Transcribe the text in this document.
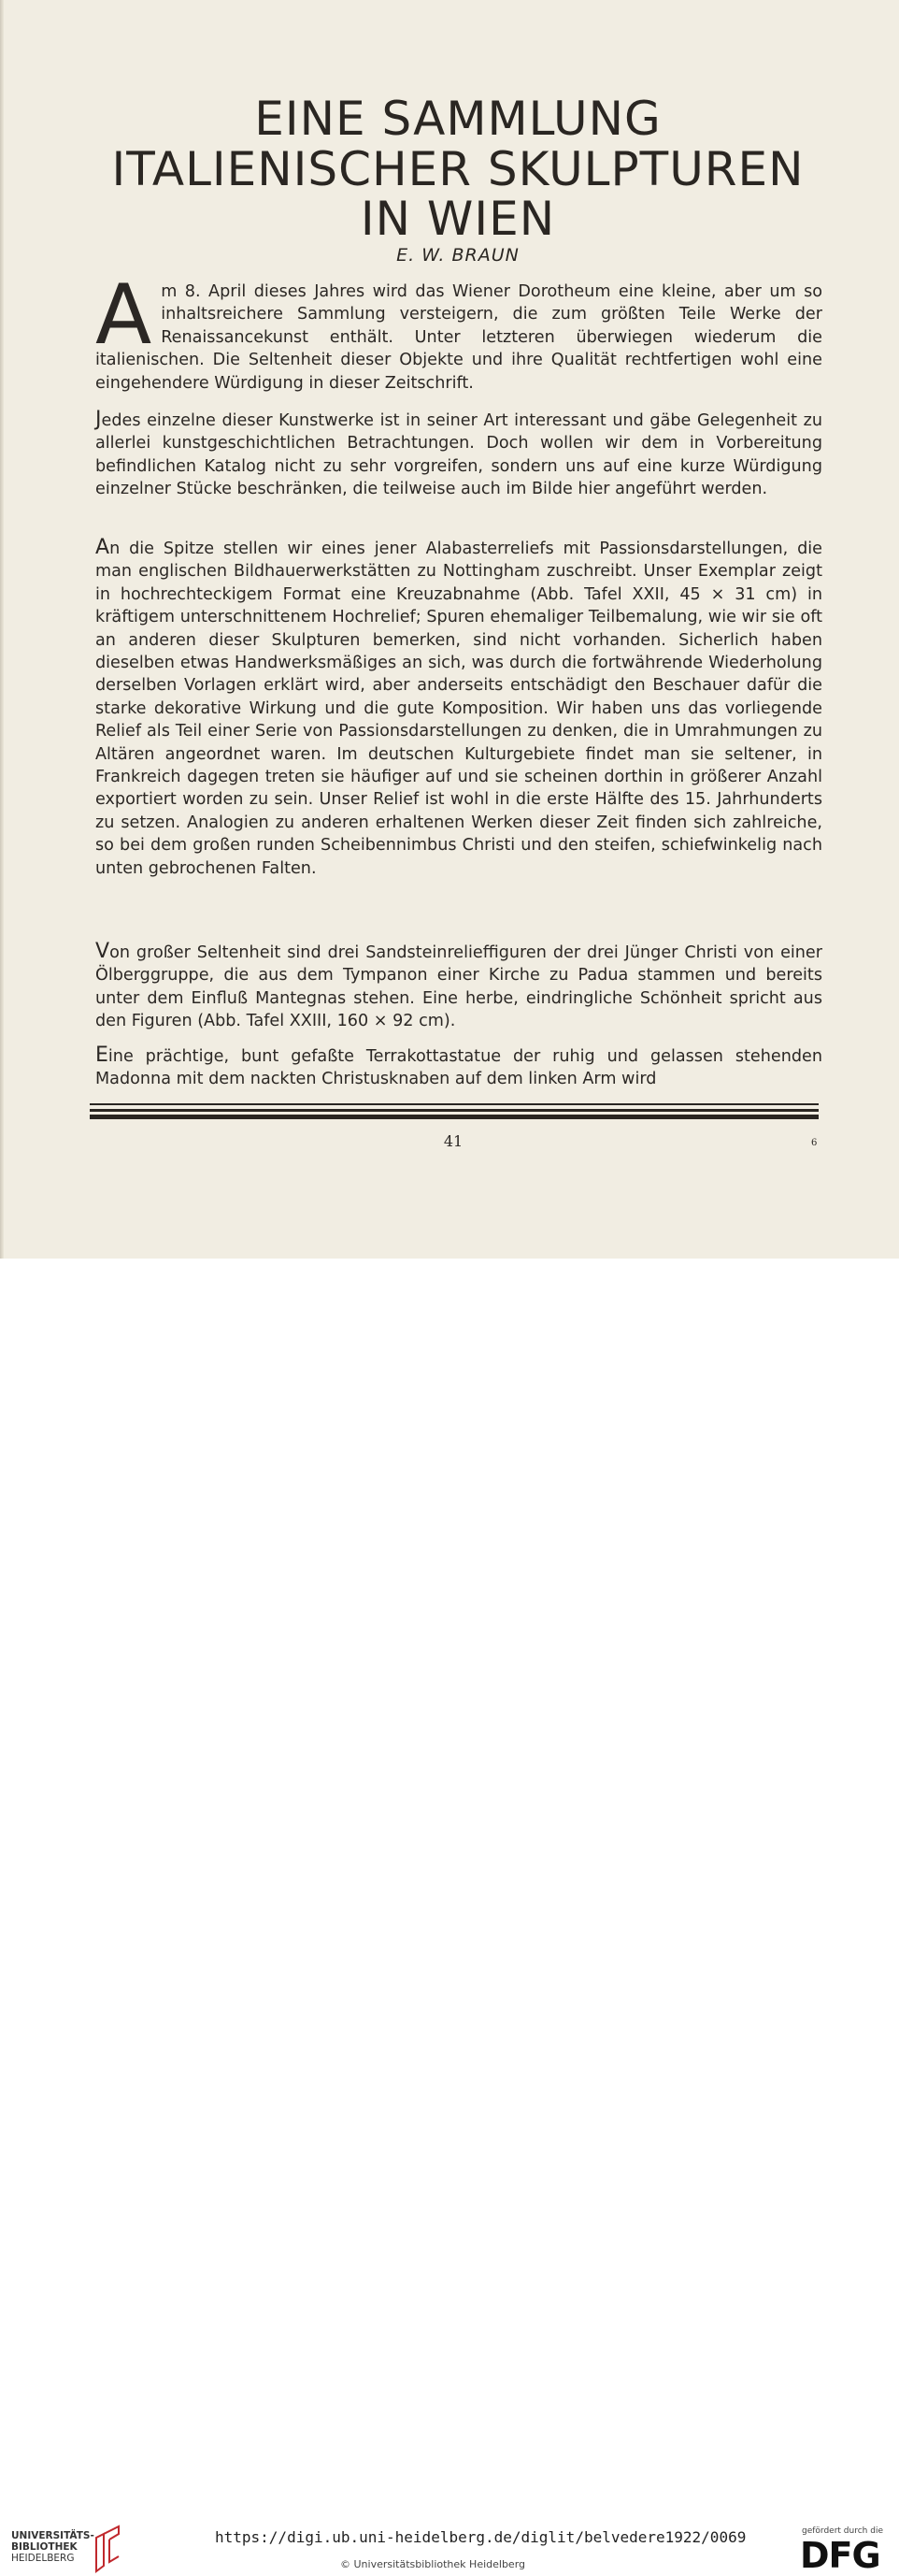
EINE SAMMLUNG
ITALIENISCHER SKULPTUREN
IN WIEN
E. W. BRAUN

Am 8. April dieses Jahres wird das Wiener Dorotheum eine kleine, aber um so inhaltsreichere Sammlung versteigern, die zum größten Teile Werke der Renaissancekunst enthält. Unter letzteren überwiegen wiederum die italienischen. Die Seltenheit dieser Objekte und ihre Qualität rechtfertigen wohl eine eingehendere Würdigung in dieser Zeitschrift.

Jedes einzelne dieser Kunstwerke ist in seiner Art interessant und gäbe Gelegenheit zu allerlei kunstgeschichtlichen Betrachtungen. Doch wollen wir dem in Vorbereitung befindlichen Katalog nicht zu sehr vorgreifen, sondern uns auf eine kurze Würdigung einzelner Stücke beschränken, die teilweise auch im Bilde hier angeführt werden.

An die Spitze stellen wir eines jener Alabasterreliefs mit Passionsdarstellungen, die man englischen Bildhauerwerkstätten zu Nottingham zuschreibt. Unser Exemplar zeigt in hochrechteckigem Format eine Kreuzabnahme (Abb. Tafel XXII, 45 × 31 cm) in kräftigem unterschnittenem Hochrelief; Spuren ehemaliger Teilbemalung, wie wir sie oft an anderen dieser Skulpturen bemerken, sind nicht vorhanden. Sicherlich haben dieselben etwas Handwerksmäßiges an sich, was durch die fortwährende Wiederholung derselben Vorlagen erklärt wird, aber anderseits entschädigt den Beschauer dafür die starke dekorative Wirkung und die gute Komposition. Wir haben uns das vorliegende Relief als Teil einer Serie von Passionsdarstellungen zu denken, die in Umrahmungen zu Altären angeordnet waren. Im deutschen Kulturgebiete findet man sie seltener, in Frankreich dagegen treten sie häufiger auf und sie scheinen dorthin in größerer Anzahl exportiert worden zu sein. Unser Relief ist wohl in die erste Hälfte des 15. Jahrhunderts zu setzen. Analogien zu anderen erhaltenen Werken dieser Zeit finden sich zahlreiche, so bei dem großen runden Scheibennimbus Christi und den steifen, schiefwinkelig nach unten gebrochenen Falten.

Von großer Seltenheit sind drei Sandsteinrelieffiguren der drei Jünger Christi von einer Ölberggruppe, die aus dem Tympanon einer Kirche zu Padua stammen und bereits unter dem Einfluß Mantegnas stehen. Eine herbe, eindringliche Schönheit spricht aus den Figuren (Abb. Tafel XXIII, 160 × 92 cm).

Eine prächtige, bunt gefaßte Terrakottastatue der ruhig und gelassen stehenden Madonna mit dem nackten Christusknaben auf dem linken Arm wird

41	6
UNIVERSITÄTS-
BIBLIOTHEK
HEIDELBERG
https://digi.ub.uni-heidelberg.de/diglit/belvedere1922/0069
© Universitätsbibliothek Heidelberg
gefördert durch die
DFG
